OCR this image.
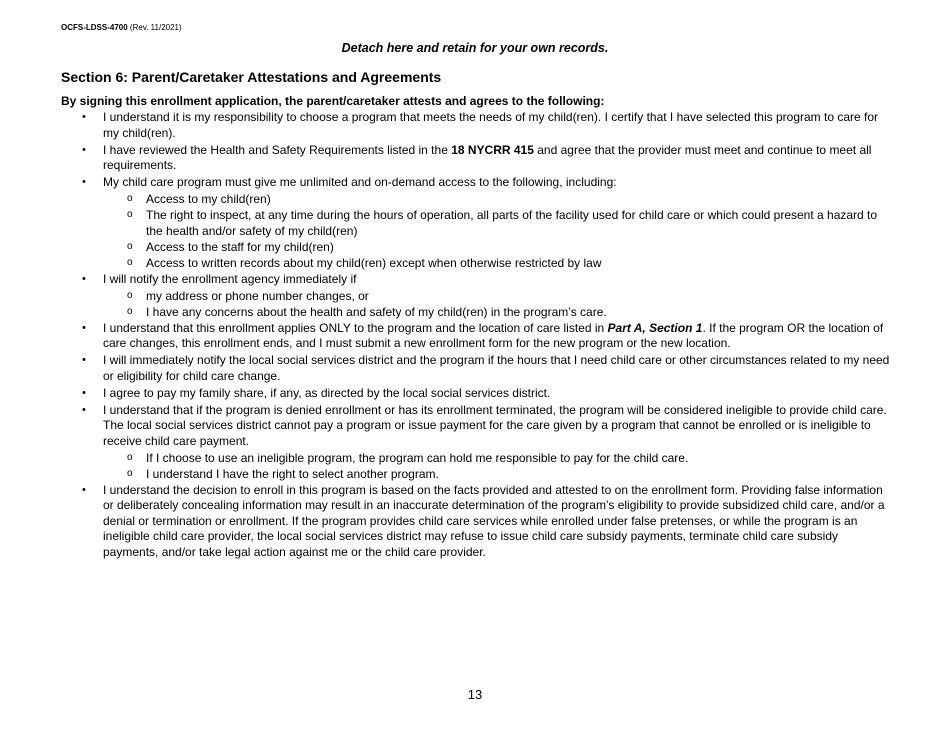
OCFS-LDSS-4700 (Rev. 11/2021)
Detach here and retain for your own records.
Section 6: Parent/Caretaker Attestations and Agreements
By signing this enrollment application, the parent/caretaker attests and agrees to the following:
• I understand it is my responsibility to choose a program that meets the needs of my child(ren). I certify that I have selected this program to care for my child(ren).
• I have reviewed the Health and Safety Requirements listed in the 18 NYCRR 415 and agree that the provider must meet and continue to meet all requirements.
• My child care program must give me unlimited and on-demand access to the following, including:
o Access to my child(ren)
o The right to inspect, at any time during the hours of operation, all parts of the facility used for child care or which could present a hazard to the health and/or safety of my child(ren)
o Access to the staff for my child(ren)
o Access to written records about my child(ren) except when otherwise restricted by law
• I will notify the enrollment agency immediately if
o my address or phone number changes, or
o I have any concerns about the health and safety of my child(ren) in the program’s care.
• I understand that this enrollment applies ONLY to the program and the location of care listed in Part A, Section 1. If the program OR the location of care changes, this enrollment ends, and I must submit a new enrollment form for the new program or the new location.
• I will immediately notify the local social services district and the program if the hours that I need child care or other circumstances related to my need or eligibility for child care change.
• I agree to pay my family share, if any, as directed by the local social services district.
• I understand that if the program is denied enrollment or has its enrollment terminated, the program will be considered ineligible to provide child care. The local social services district cannot pay a program or issue payment for the care given by a program that cannot be enrolled or is ineligible to receive child care payment.
o If I choose to use an ineligible program, the program can hold me responsible to pay for the child care.
o I understand I have the right to select another program.
• I understand the decision to enroll in this program is based on the facts provided and attested to on the enrollment form. Providing false information or deliberately concealing information may result in an inaccurate determination of the program’s eligibility to provide subsidized child care, and/or a denial or termination or enrollment. If the program provides child care services while enrolled under false pretenses, or while the program is an ineligible child care provider, the local social services district may refuse to issue child care subsidy payments, terminate child care subsidy payments, and/or take legal action against me or the child care provider.
13
